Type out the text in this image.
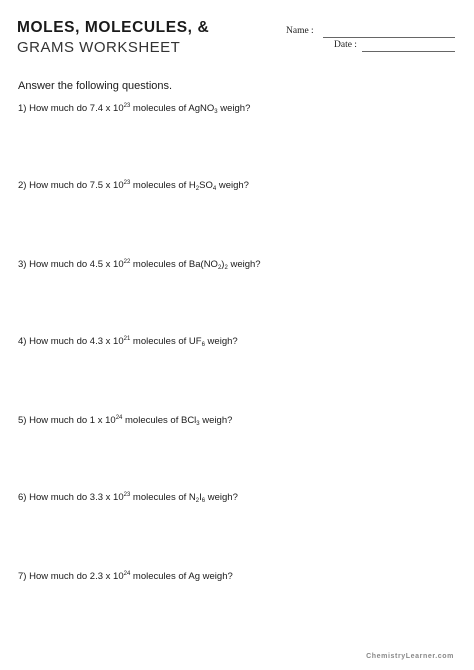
MOLES, MOLECULES, &
GRAMS WORKSHEET
Name :
Date :
Answer the following questions.
1) How much do 7.4 x $10^{23}$ molecules of AgNO$_3$ weigh?
2) How much do 7.5 x $10^{23}$ molecules of $H_2SO_4$ weigh?
3) How much do 4.5 x $10^{22}$ molecules of $Ba(NO_2)_2$ weigh?
4) How much do 4.3 x $10^{21}$ molecules of $UF_6$ weigh?
5) How much do 1 x $10^{24}$ molecules of BCl$_3$ weigh?
6) How much do 3.3 x $10^{23}$ molecules of $N_2I_6$ weigh?
7) How much do 2.3 x $10^{24}$ molecules of Ag weigh?
ChemistryLearner.com
